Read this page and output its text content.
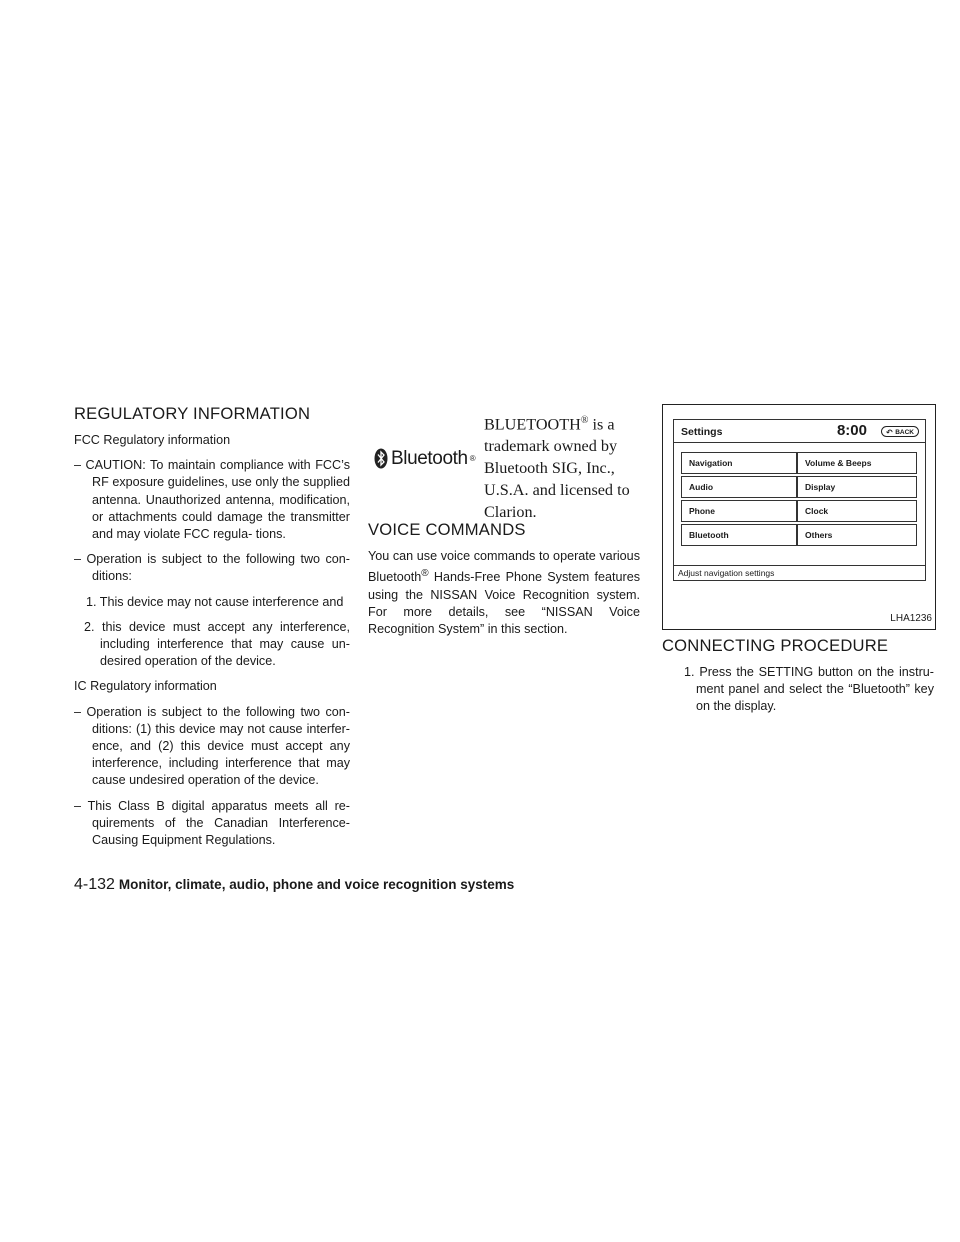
REGULATORY INFORMATION

FCC Regulatory information

– CAUTION: To maintain compliance with FCC’s RF exposure guidelines, use only the supplied antenna. Unauthorized antenna, modification, or attachments could damage the transmitter and may violate FCC regula- tions.

– Operation is subject to the following two con- ditions:

1. This device may not cause interference and

2. this device must accept any interference, including interference that may cause un- desired operation of the device.

IC Regulatory information

– Operation is subject to the following two con- ditions: (1) this device may not cause interfer- ence, and (2) this device must accept any interference, including interference that may cause undesired operation of the device.

– This Class B digital apparatus meets all re- quirements of the Canadian Interference- Causing Equipment Regulations.

Bluetooth ®
BLUETOOTH® is a trademark owned by Bluetooth SIG, Inc., U.S.A. and licensed to Clarion.
VOICE COMMANDS

You can use voice commands to operate various Bluetooth® Hands-Free Phone System features using the NISSAN Voice Recognition system. For more details, see “NISSAN Voice Recognition System” in this section.

Settings	8:00 ↶ BACK
Navigation
Audio
Phone
Bluetooth
Volume & Beeps
Display
Clock
Others
Adjust navigation settings
LHA1236
CONNECTING PROCEDURE

1. Press the SETTING button on the instru- ment panel and select the “Bluetooth” key on the display.

4-132 Monitor, climate, audio, phone and voice recognition systems
